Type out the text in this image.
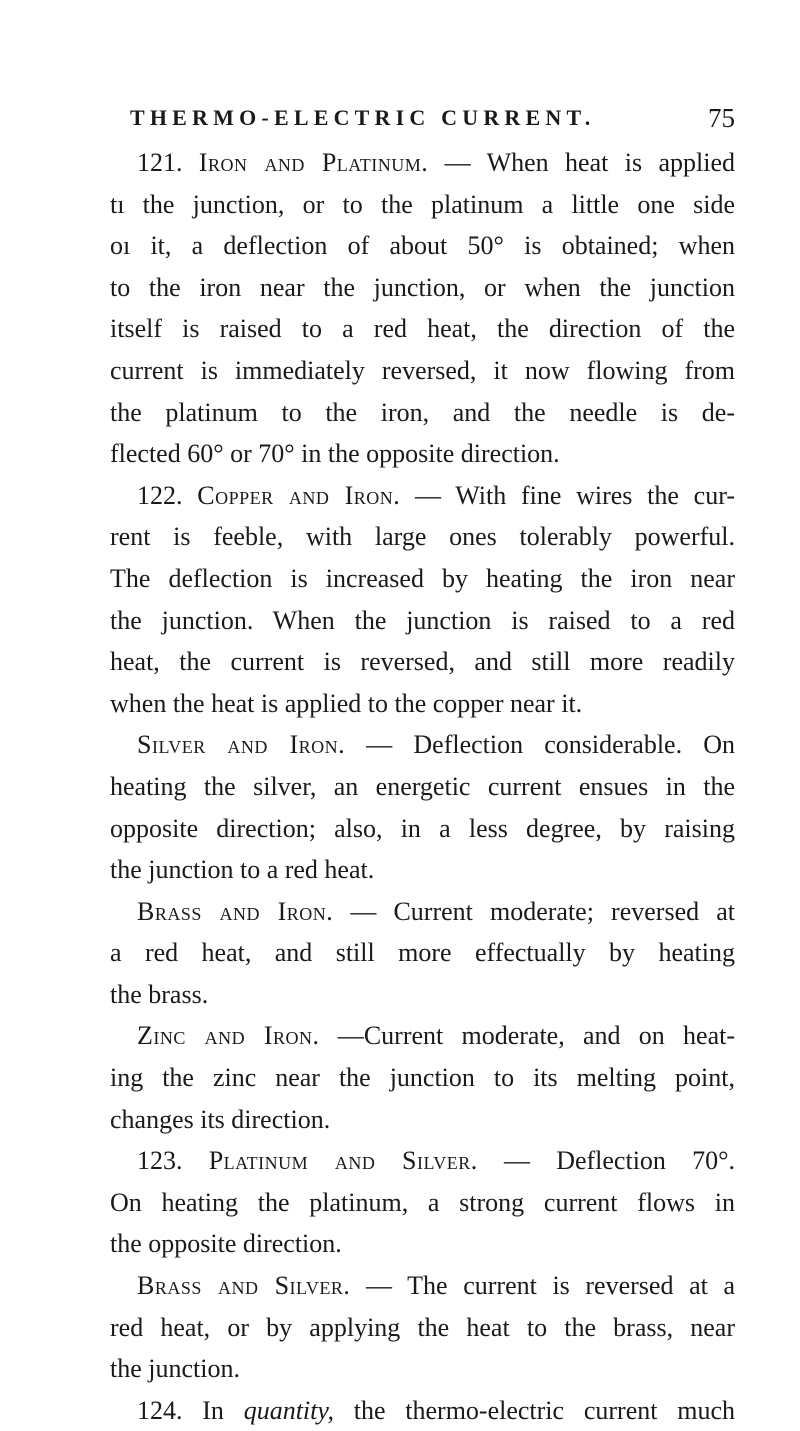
THERMO-ELECTRIC CURRENT.	75
121. Iron and Platinum. — When heat is applied
tı the junction, or to the platinum a little one side
oı it, a deflection of about 50° is obtained; when
to the iron near the junction, or when the junction
itself is raised to a red heat, the direction of the
current is immediately reversed, it now flowing from
the platinum to the iron, and the needle is de-
flected 60° or 70° in the opposite direction.
122. Copper and Iron. — With fine wires the cur-
rent is feeble, with large ones tolerably powerful.
The deflection is increased by heating the iron near
the junction. When the junction is raised to a red
heat, the current is reversed, and still more readily
when the heat is applied to the copper near it.
Silver and Iron. — Deflection considerable. On
heating the silver, an energetic current ensues in the
opposite direction; also, in a less degree, by raising
the junction to a red heat.
Brass and Iron. — Current moderate; reversed at
a red heat, and still more effectually by heating
the brass.
Zinc and Iron. —Current moderate, and on heat-
ing the zinc near the junction to its melting point,
changes its direction.
123. Platinum and Silver. — Deflection 70°.
On heating the platinum, a strong current flows in
the opposite direction.
Brass and Silver. — The current is reversed at a
red heat, or by applying the heat to the brass, near
the junction.
124. In quantity, the thermo-electric current much
